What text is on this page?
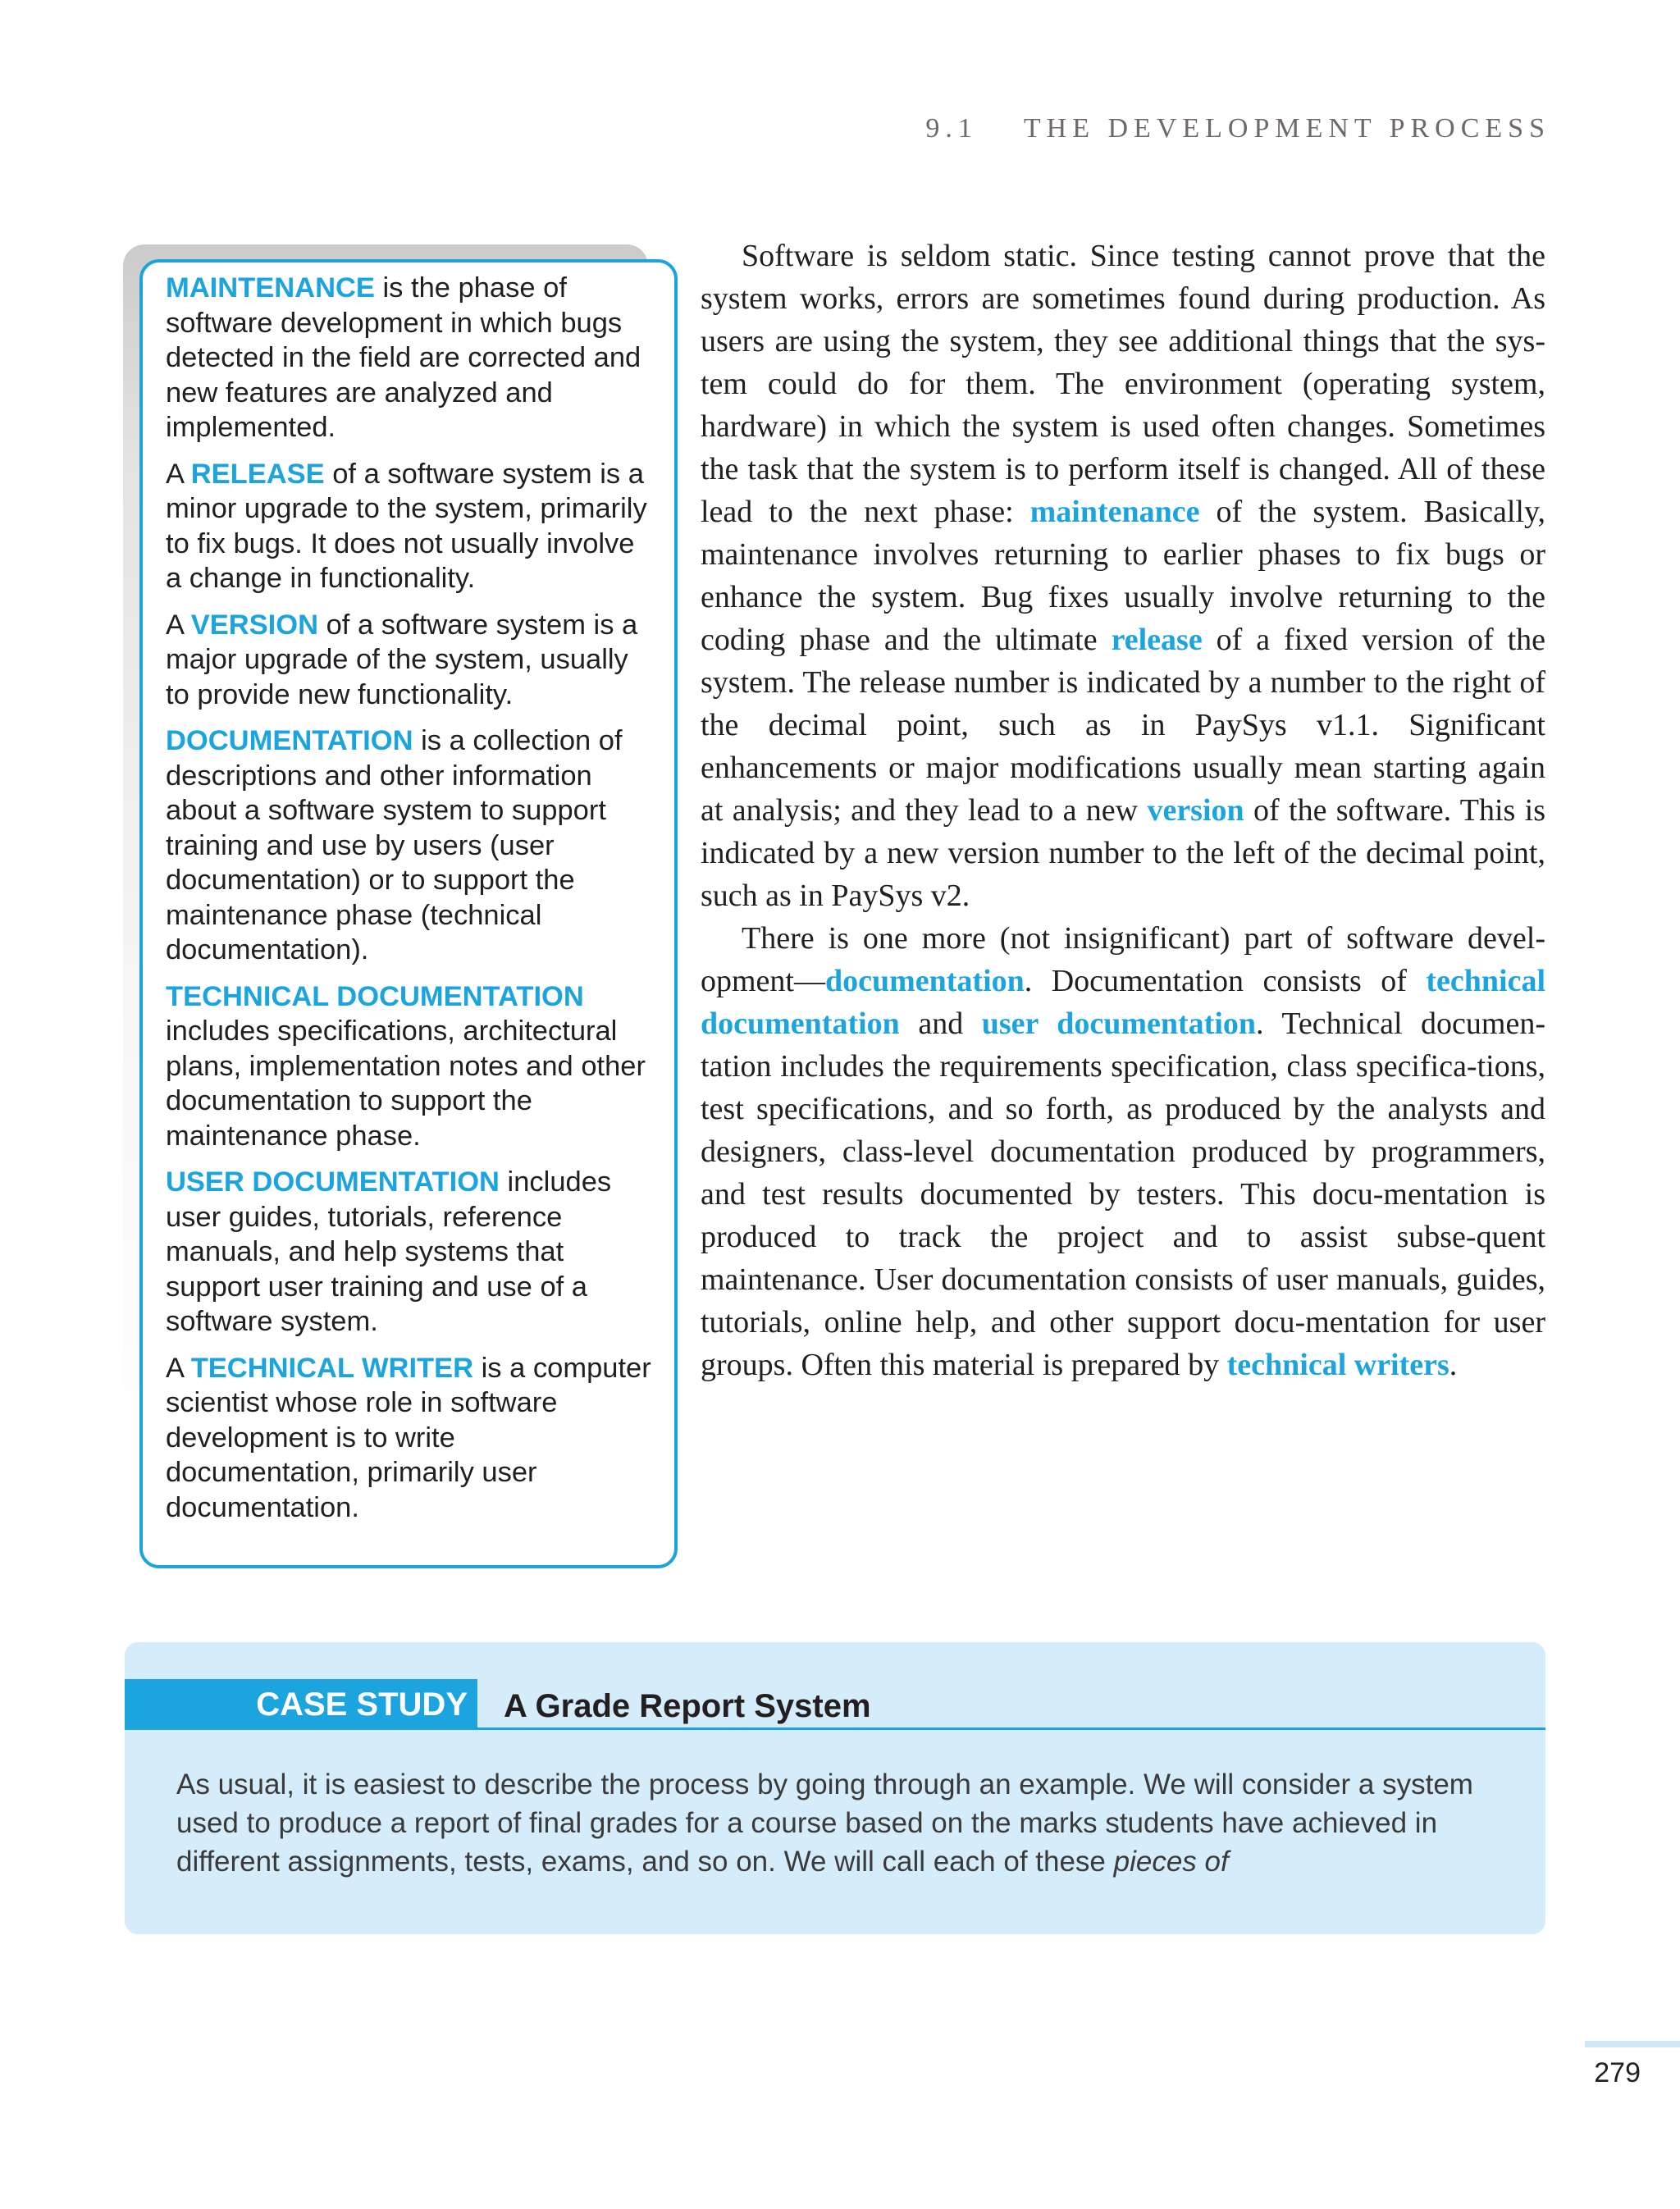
9.1 THE DEVELOPMENT PROCESS

MAINTENANCE is the phase of software development in which bugs detected in the field are corrected and new features are analyzed and implemented.

A RELEASE of a software system is a minor upgrade to the system, primarily to fix bugs. It does not usually involve a change in functionality.

A VERSION of a software system is a major upgrade of the system, usually to provide new functionality.

DOCUMENTATION is a collection of descriptions and other information about a software system to support training and use by users (user documentation) or to support the maintenance phase (technical documentation).

TECHNICAL DOCUMENTATION includes specifications, architectural plans, implementation notes and other documentation to support the maintenance phase.

USER DOCUMENTATION includes user guides, tutorials, reference manuals, and help systems that support user training and use of a software system.

A TECHNICAL WRITER is a computer scientist whose role in software development is to write documentation, primarily user documentation.

Software is seldom static. Since testing cannot prove that the system works, errors are sometimes found during production. As users are using the system, they see additional things that the sys-tem could do for them. The environment (operating system, hardware) in which the system is used often changes. Sometimes the task that the system is to perform itself is changed. All of these lead to the next phase: maintenance of the system. Basically, maintenance involves returning to earlier phases to fix bugs or enhance the system. Bug fixes usually involve returning to the coding phase and the ultimate release of a fixed version of the system. The release number is indicated by a number to the right of the decimal point, such as in PaySys v1.1. Significant enhancements or major modifications usually mean starting again at analysis; and they lead to a new version of the software. This is indicated by a new version number to the left of the decimal point, such as in PaySys v2.

There is one more (not insignificant) part of software devel-opment—documentation. Documentation consists of technical documentation and user documentation. Technical documen-tation includes the requirements specification, class specifica-tions, test specifications, and so forth, as produced by the analysts and designers, class-level documentation produced by programmers, and test results documented by testers. This docu-mentation is produced to track the project and to assist subse-quent maintenance. User documentation consists of user manuals, guides, tutorials, online help, and other support docu-mentation for user groups. Often this material is prepared by technical writers.

CASE STUDY	A Grade Report System
As usual, it is easiest to describe the process by going through an example. We will consider a system used to produce a report of final grades for a course based on the marks students have achieved in different assignments, tests, exams, and so on. We will call each of these pieces of
279
